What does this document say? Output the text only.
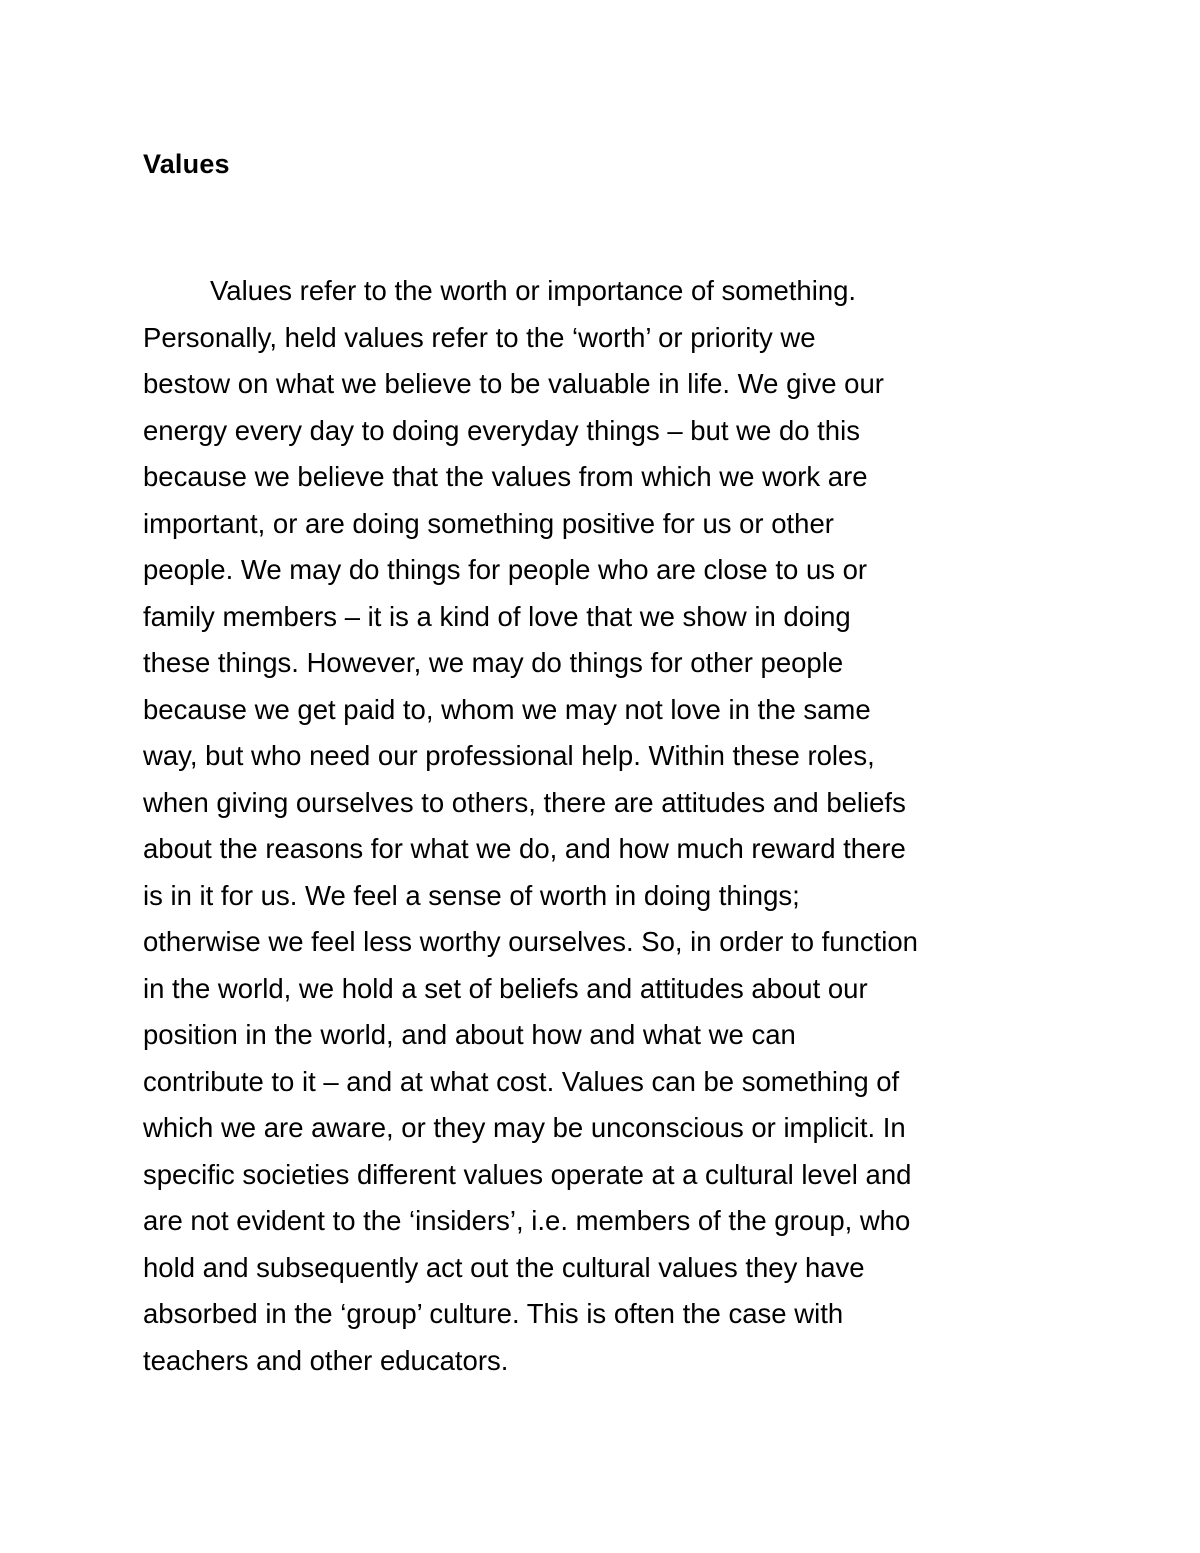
Values
Values refer to the worth or importance of something.
Personally, held values refer to the ‘worth’ or priority we
bestow on what we believe to be valuable in life. We give our
energy every day to doing everyday things – but we do this
because we believe that the values from which we work are
important, or are doing something positive for us or other
people. We may do things for people who are close to us or
family members – it is a kind of love that we show in doing
these things. However, we may do things for other people
because we get paid to, whom we may not love in the same
way, but who need our professional help. Within these roles,
when giving ourselves to others, there are attitudes and beliefs
about the reasons for what we do, and how much reward there
is in it for us. We feel a sense of worth in doing things;
otherwise we feel less worthy ourselves. So, in order to function
in the world, we hold a set of beliefs and attitudes about our
position in the world, and about how and what we can
contribute to it – and at what cost. Values can be something of
which we are aware, or they may be unconscious or implicit. In
specific societies different values operate at a cultural level and
are not evident to the ‘insiders’, i.e. members of the group, who
hold and subsequently act out the cultural values they have
absorbed in the ‘group’ culture. This is often the case with
teachers and other educators.
